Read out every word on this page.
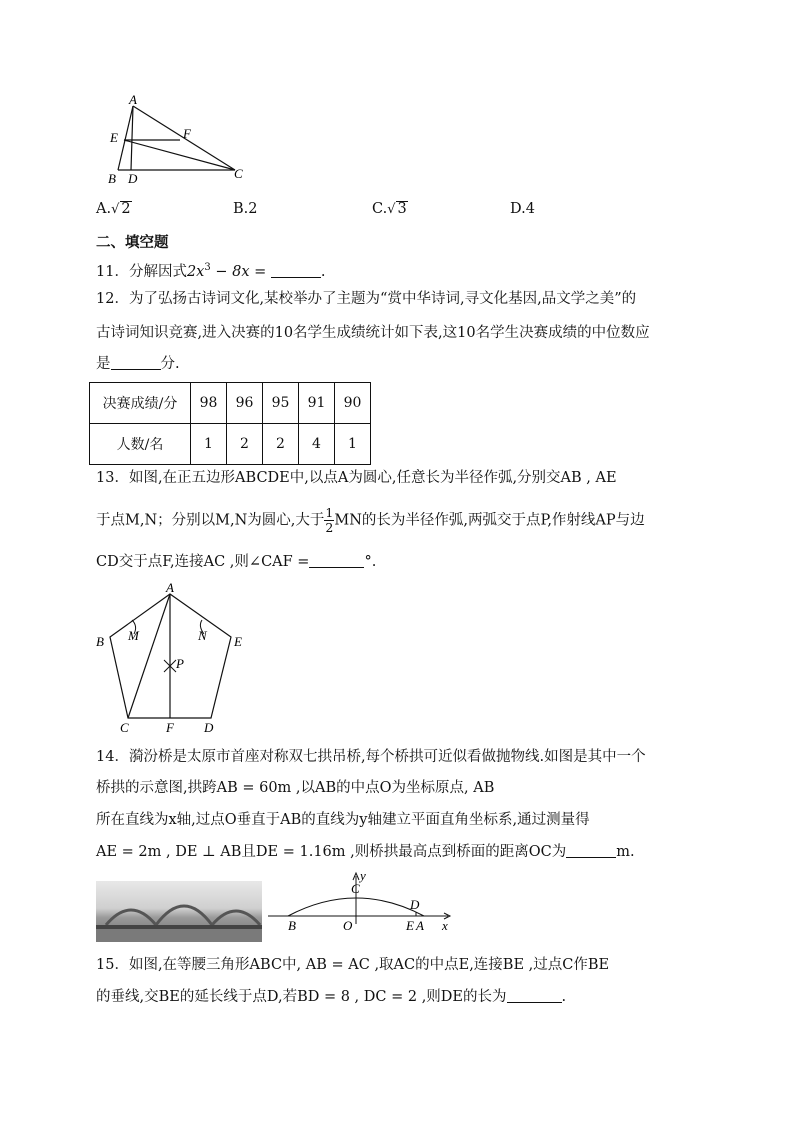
A
E	F
B D	C
A.√ 2	B.2	C.√ 3	D.4
二、填空题
11．分解因式$2x^3 - 8x$ =	.
12．为了弘扬古诗词文化,某校举办了主题为“赏中华诗词,寻文化基因,品文学之美”的
古诗词知识竞赛,进入决赛的10名学生成绩统计如下表,这10名学生决赛成绩的中位数应
是	分.
决赛成绩/分	98	96	95	91	90
人数/名	1	2	2	4	1
13．如图,在正五边形ABCDE中,以点A为圆心,任意长为半径作弧,分别交AB , AE
于点M,N；分别以M,N为圆心,大于 $\frac{1}{2}$ MN的长为半径作弧,两弧交于点P,作射线AP与边
CD交于点F,连接AC ,则∠CAF =	°.
A
B M	N E
P
C	F D
14．漪汾桥是太原市首座对称双七拱吊桥,每个桥拱可近似看做抛物线.如图是其中一个
桥拱的示意图,拱跨AB = 60m ,以AB的中点O为坐标原点, AB
所在直线为x轴,过点O垂直于AB的直线为y轴建立平面直角坐标系,通过测量得
AE = 2m , DE ⊥ AB且DE = 1.16m ,则桥拱最高点到桥面的距离OC为	m.
y
C
D
B	O	E A x
15．如图,在等腰三角形ABC中, AB = AC ,取AC的中点E,连接BE ,过点C作BE
的垂线,交BE的延长线于点D,若BD = 8 , DC = 2 ,则DE的长为	.
